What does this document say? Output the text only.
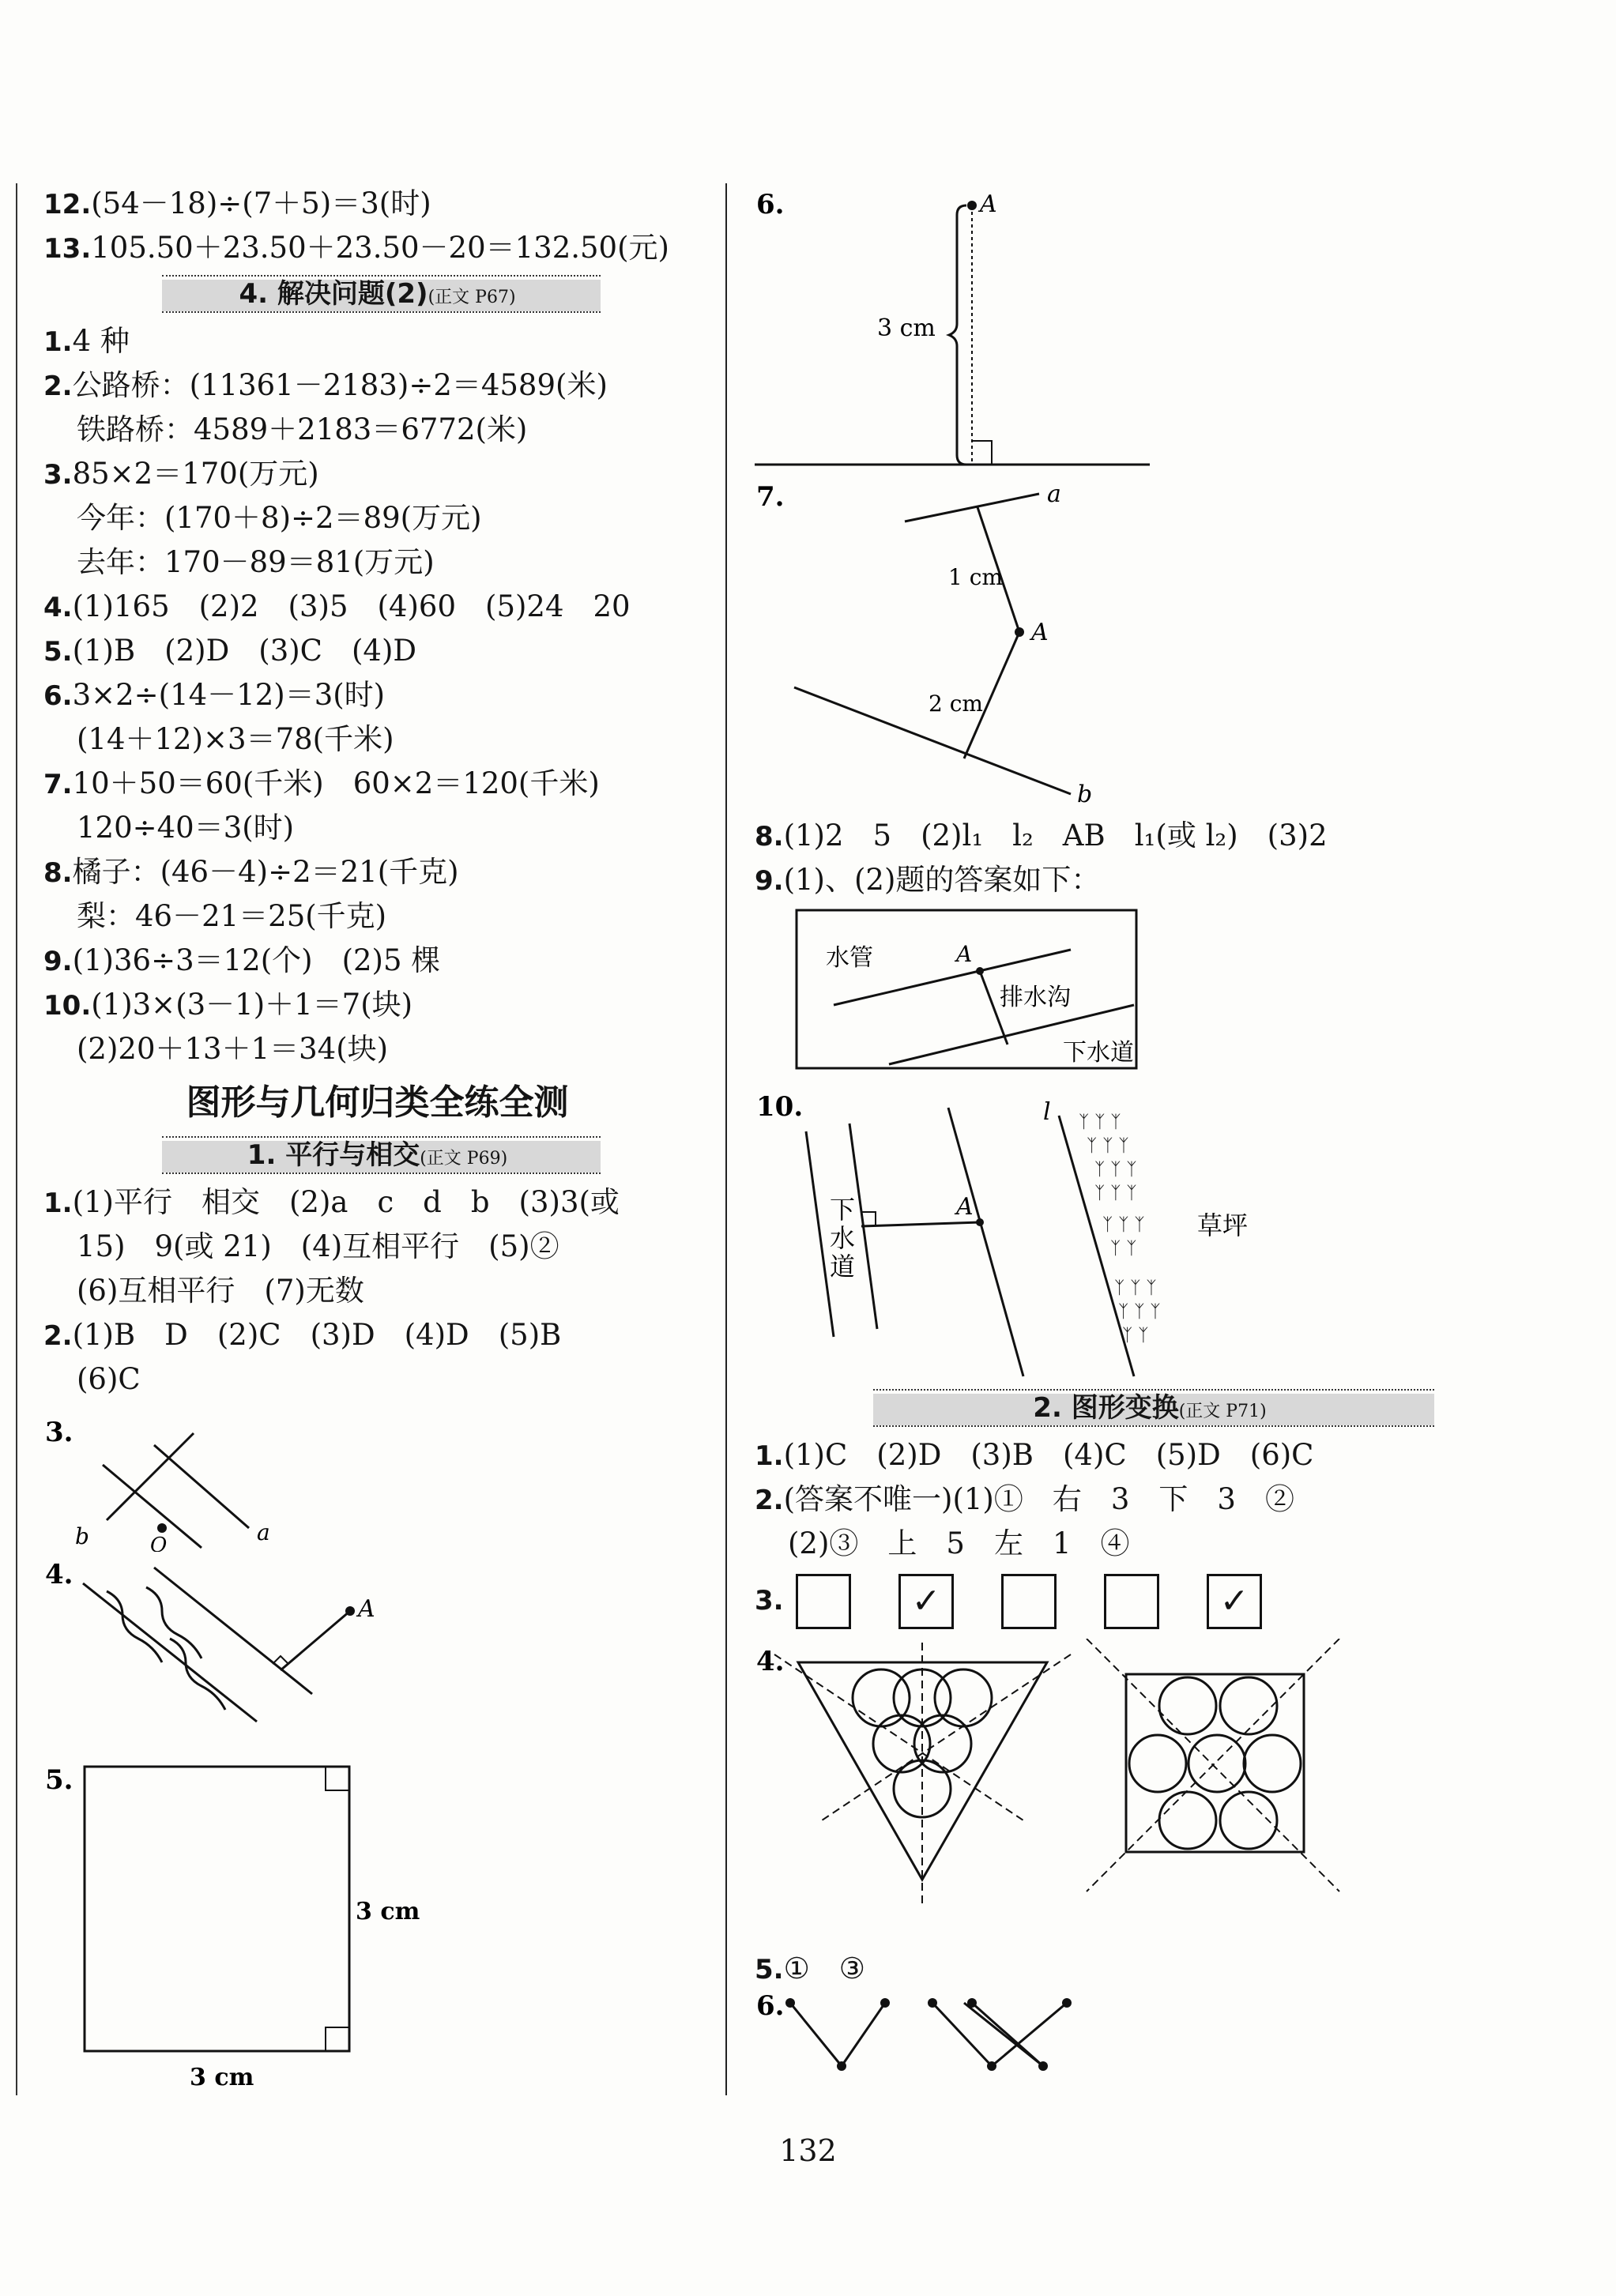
12.(54－18)÷(7＋5)＝3(时)
13.105.50＋23.50＋23.50－20＝132.50(元)
4. 解决问题(2)(正文 P67)
1.4 种
2.公路桥：(11361－2183)÷2＝4589(米)
铁路桥：4589＋2183＝6772(米)
3.85×2＝170(万元)
今年：(170＋8)÷2＝89(万元)
去年：170－89＝81(万元)
4.(1)165　(2)2　(3)5　(4)60　(5)24　20
5.(1)B　(2)D　(3)C　(4)D
6.3×2÷(14－12)＝3(时)
(14＋12)×3＝78(千米)
7.10＋50＝60(千米)　60×2＝120(千米)
120÷40＝3(时)
8.橘子：(46－4)÷2＝21(千克)
梨：46－21＝25(千克)
9.(1)36÷3＝12(个)　(2)5 棵
10.(1)3×(3－1)＋1＝7(块)
(2)20＋13＋1＝34(块)
图形与几何归类全练全测
1. 平行与相交(正文 P69)
1.(1)平行　相交　(2)a　c　d　b　(3)3(或
15)　9(或 21)　(4)互相平行　(5)②
(6)互相平行　(7)无数
2.(1)B　D　(2)C　(3)D　(4)D　(5)B
(6)C
3.
b	a
O
4.
A
5.
3 cm
3 cm
6.	A
3 cm
7.	a
b
A
1 cm
2 cm
8.(1)2　5　(2)l₁　l₂　AB　l₁(或 l₂)　(3)2
9.(1)、(2)题的答案如下：
水管	A
排水沟
下水道
10.
下水道
A
l ᛉ ᛉ ᛉ
ᛉ ᛉ ᛉ
ᛉ ᛉ ᛉ
ᛉ ᛉ ᛉ
ᛉ ᛉ ᛉ
ᛉ ᛉ
ᛉ ᛉ ᛉ
ᛉ ᛉ ᛉ
ᛉ ᛉ
草坪
2. 图形变换(正文 P71)
1.(1)C　(2)D　(3)B　(4)C　(5)D　(6)C
2.(答案不唯一)(1)①　右　3　下　3　②
(2)③　上　5　左　1　④
3.	✓	✓
4.
5.①　③
6.
132
